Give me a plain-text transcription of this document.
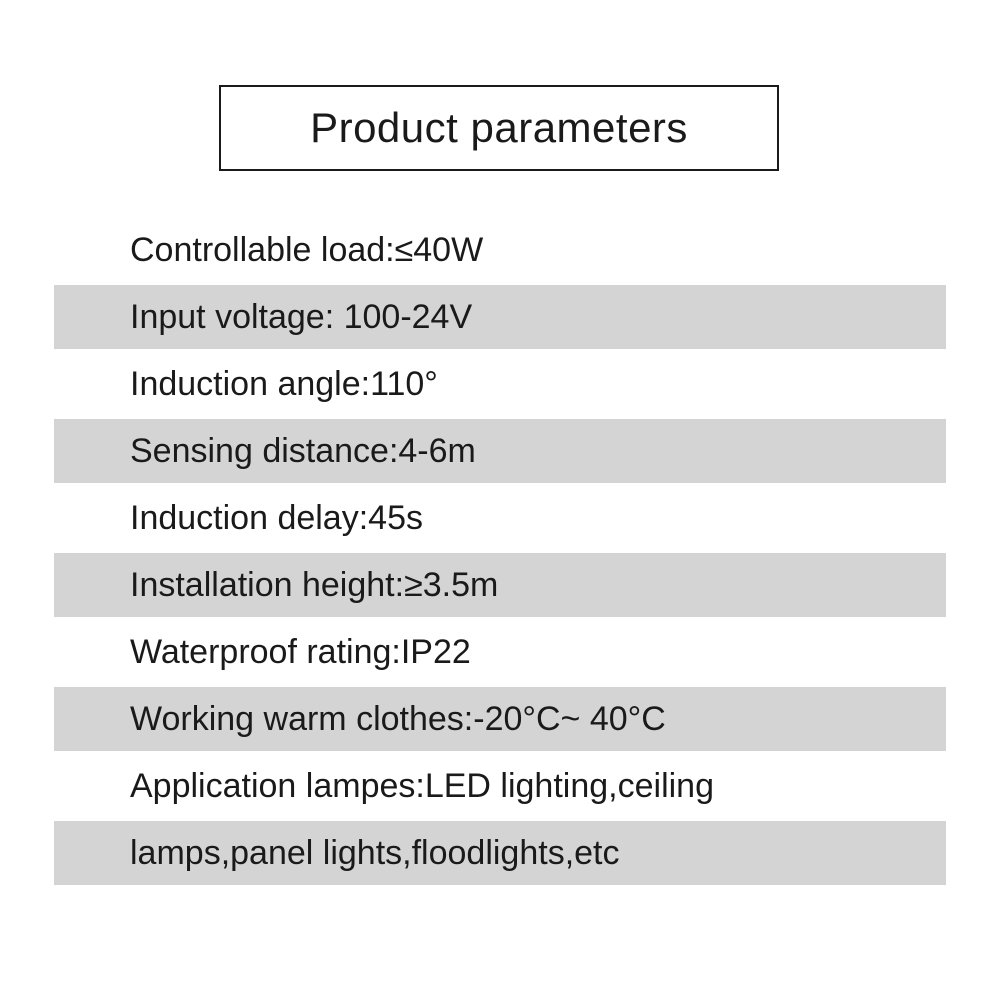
Product parameters
Controllable load:≤40W
Input voltage: 100-24V
Induction angle:110°
Sensing distance:4-6m
Induction delay:45s
Installation height:≥3.5m
Waterproof rating:IP22
Working warm clothes:-20°C~ 40°C
Application lampes:LED lighting,ceiling
lamps,panel lights,floodlights,etc
